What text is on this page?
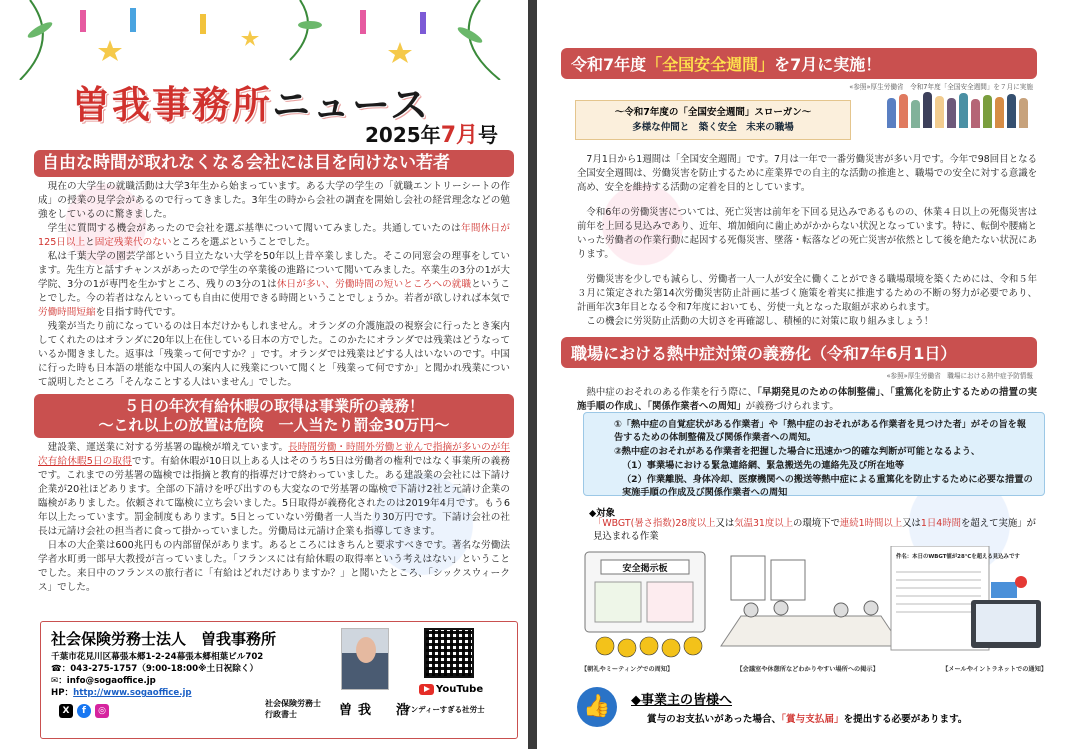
曽我事務所ニュース
2025年7月号
自由な時間が取れなくなる会社には目を向けない若者

現在の大学生の就職活動は大学3年生から始まっています。ある大学の学生の「就職エントリーシートの作成」の授業の見学会があるので行ってきました。3年生の時から会社の調査を開始し会社の経営理念などの勉強をしているのに驚きました。

学生に質問する機会があったので会社を選ぶ基準について聞いてみました。共通していたのは年間休日が125日以上と固定残業代のないところを選ぶということでした。

私は千葉大学の園芸学部という目立たない大学を50年以上昔卒業しました。そこの同窓会の理事をしています。先生方と話すチャンスがあったので学生の卒業後の進路について聞いてみました。卒業生の3分の1が大学院、3分の1が専門を生かすところ、残りの3分の1は休日が多い、労働時間の短いところへの就職ということでした。今の若者はなんといっても自由に使用できる時間ということでしょうか。若者が欲しければ本気で労働時間短縮を目指す時代です。

残業が当たり前になっているのは日本だけかもしれません。オランダの介護施設の視察会に行ったとき案内してくれたのはオランダに20年以上在住している日本の方でした。このかたにオランダでは残業はどうなっているか聞きました。返事は「残業って何ですか？」です。オランダでは残業はどする人はいないのです。中国に行った時も日本語の堪能な中国人の案内人に残業について聞くと「残業って何ですか」と聞かれ残業について説明したところ「そんなことする人はいません」でした。

５日の年次有給休暇の取得は事業所の義務！
～これ以上の放置は危険　一人当たり罰金30万円～

建設業、運送業に対する労基署の臨検が増えています。長時間労働・時間外労働と並んで指摘が多いのが年次有給休暇5日の取得です。有給休暇が10日以上ある人はそのうち5日は労働者の権利ではなく事業所の義務です。これまでの労基署の臨検では指摘と教育的指導だけで終わっていました。ある建設業の会社には下請け企業が20社ほどあります。全部の下請けを呼び出すのも大変なので労基署の臨検で下請け2社と元請け企業の臨検がありました。依頼されて臨検に立ち会いました。5日取得が義務化されたのは2019年4月です。もう6年以上たっています。罰金制度もあります。5日とっていない労働者一人当たり30万円です。下請け会社の社長は元請け会社の担当者に食って掛かっていました。労働局は元請け企業も指導してきます。

日本の大企業は600兆円もの内部留保があります。あるところにはきちんと要求すべきです。著名な労働法学者水町勇一郎早大教授が言っていました。「フランスには有給休暇の取得率という考えはない」ということでした。来日中のフランスの旅行者に「有給はどれだけありますか？」と聞いたところ、「シックスウィークス」でした。

社会保険労務士法人　曽我事務所
千葉市花見川区幕張本郷1-2-24幕張本郷相葉ビル702
☎：043-275-1757（9:00-18:00※土日祝除く）
✉：info@sogaoffice.jp
HP：http://www.sogaoffice.jp
X	f	◎
YouTube
社会保険労務士
行政書士	曽我　浩
ダンディーすぎる社労士
令和7年度「全国安全週間」を7月に実施！
«参照»厚生労働省　令和7年度「全国安全週間」を７月に実施
～令和7年度の「全国安全週間」スローガン～
多様な仲間と　築く安全　未来の職場

7月1日から1週間は「全国安全週間」です。7月は一年で一番労働災害が多い月です。今年で98回目となる全国安全週間は、労働災害を防止するために産業界での自主的な活動の推進と、職場での安全に対する意識を高め、安全を維持する活動の定着を目的としています。

令和6年の労働災害については、死亡災害は前年を下回る見込みであるものの、休業４日以上の死傷災害は前年を上回る見込みであり、近年、増加傾向に歯止めがかからない状況となっています。特に、転倒や腰痛といった労働者の作業行動に起因する死傷災害、墜落・転落などの死亡災害が依然として後を絶たない状況にあります。

労働災害を少しでも減らし、労働者一人一人が安全に働くことができる職場環境を築くためには、令和５年３月に策定された第14次労働災害防止計画に基づく施策を着実に推進するための不断の努力が必要であり、計画年次3年目となる令和7年度においても、労使一丸となった取組が求められます。

この機会に労災防止活動の大切さを再確認し、積極的に対策に取り組みましょう！

職場における熱中症対策の義務化（令和7年6月1日）
«参照»厚生労働省　職場における熱中症予防情報

熱中症のおそれのある作業を行う際に、「早期発見のための体制整備」、「重篤化を防止するための措置の実施手順の作成」、「関係作業者への周知」が義務づけられます。

①「熱中症の自覚症状がある作業者」や「熱中症のおそれがある作業者を見つけた者」がその旨を報告するための体制整備及び関係作業者への周知。
②熱中症のおそれがある作業者を把握した場合に迅速かつ的確な判断が可能となるよう、
（1）事業場における緊急連絡網、緊急搬送先の連絡先及び所在地等
（2）作業離脱、身体冷却、医療機関への搬送等熱中症による重篤化を防止するために必要な措置の実施手順の作成及び関係作業者への周知
◆対象
「WBGT(暑さ指数)28度以上又は気温31度以上の環境下で連続1時間以上又は1日4時間を超えて実施」が見込まれる作業
安全掲示板
件名：本日のWBGT値が28℃を超える見込みです
【朝礼やミーティングでの周知】	【会議室や休憩所などわかりやすい場所への掲示】	【メールやイントラネットでの通知】
👍	◆事業主の皆様へ
賞与のお支払いがあった場合、「賞与支払届」を提出する必要があります。
